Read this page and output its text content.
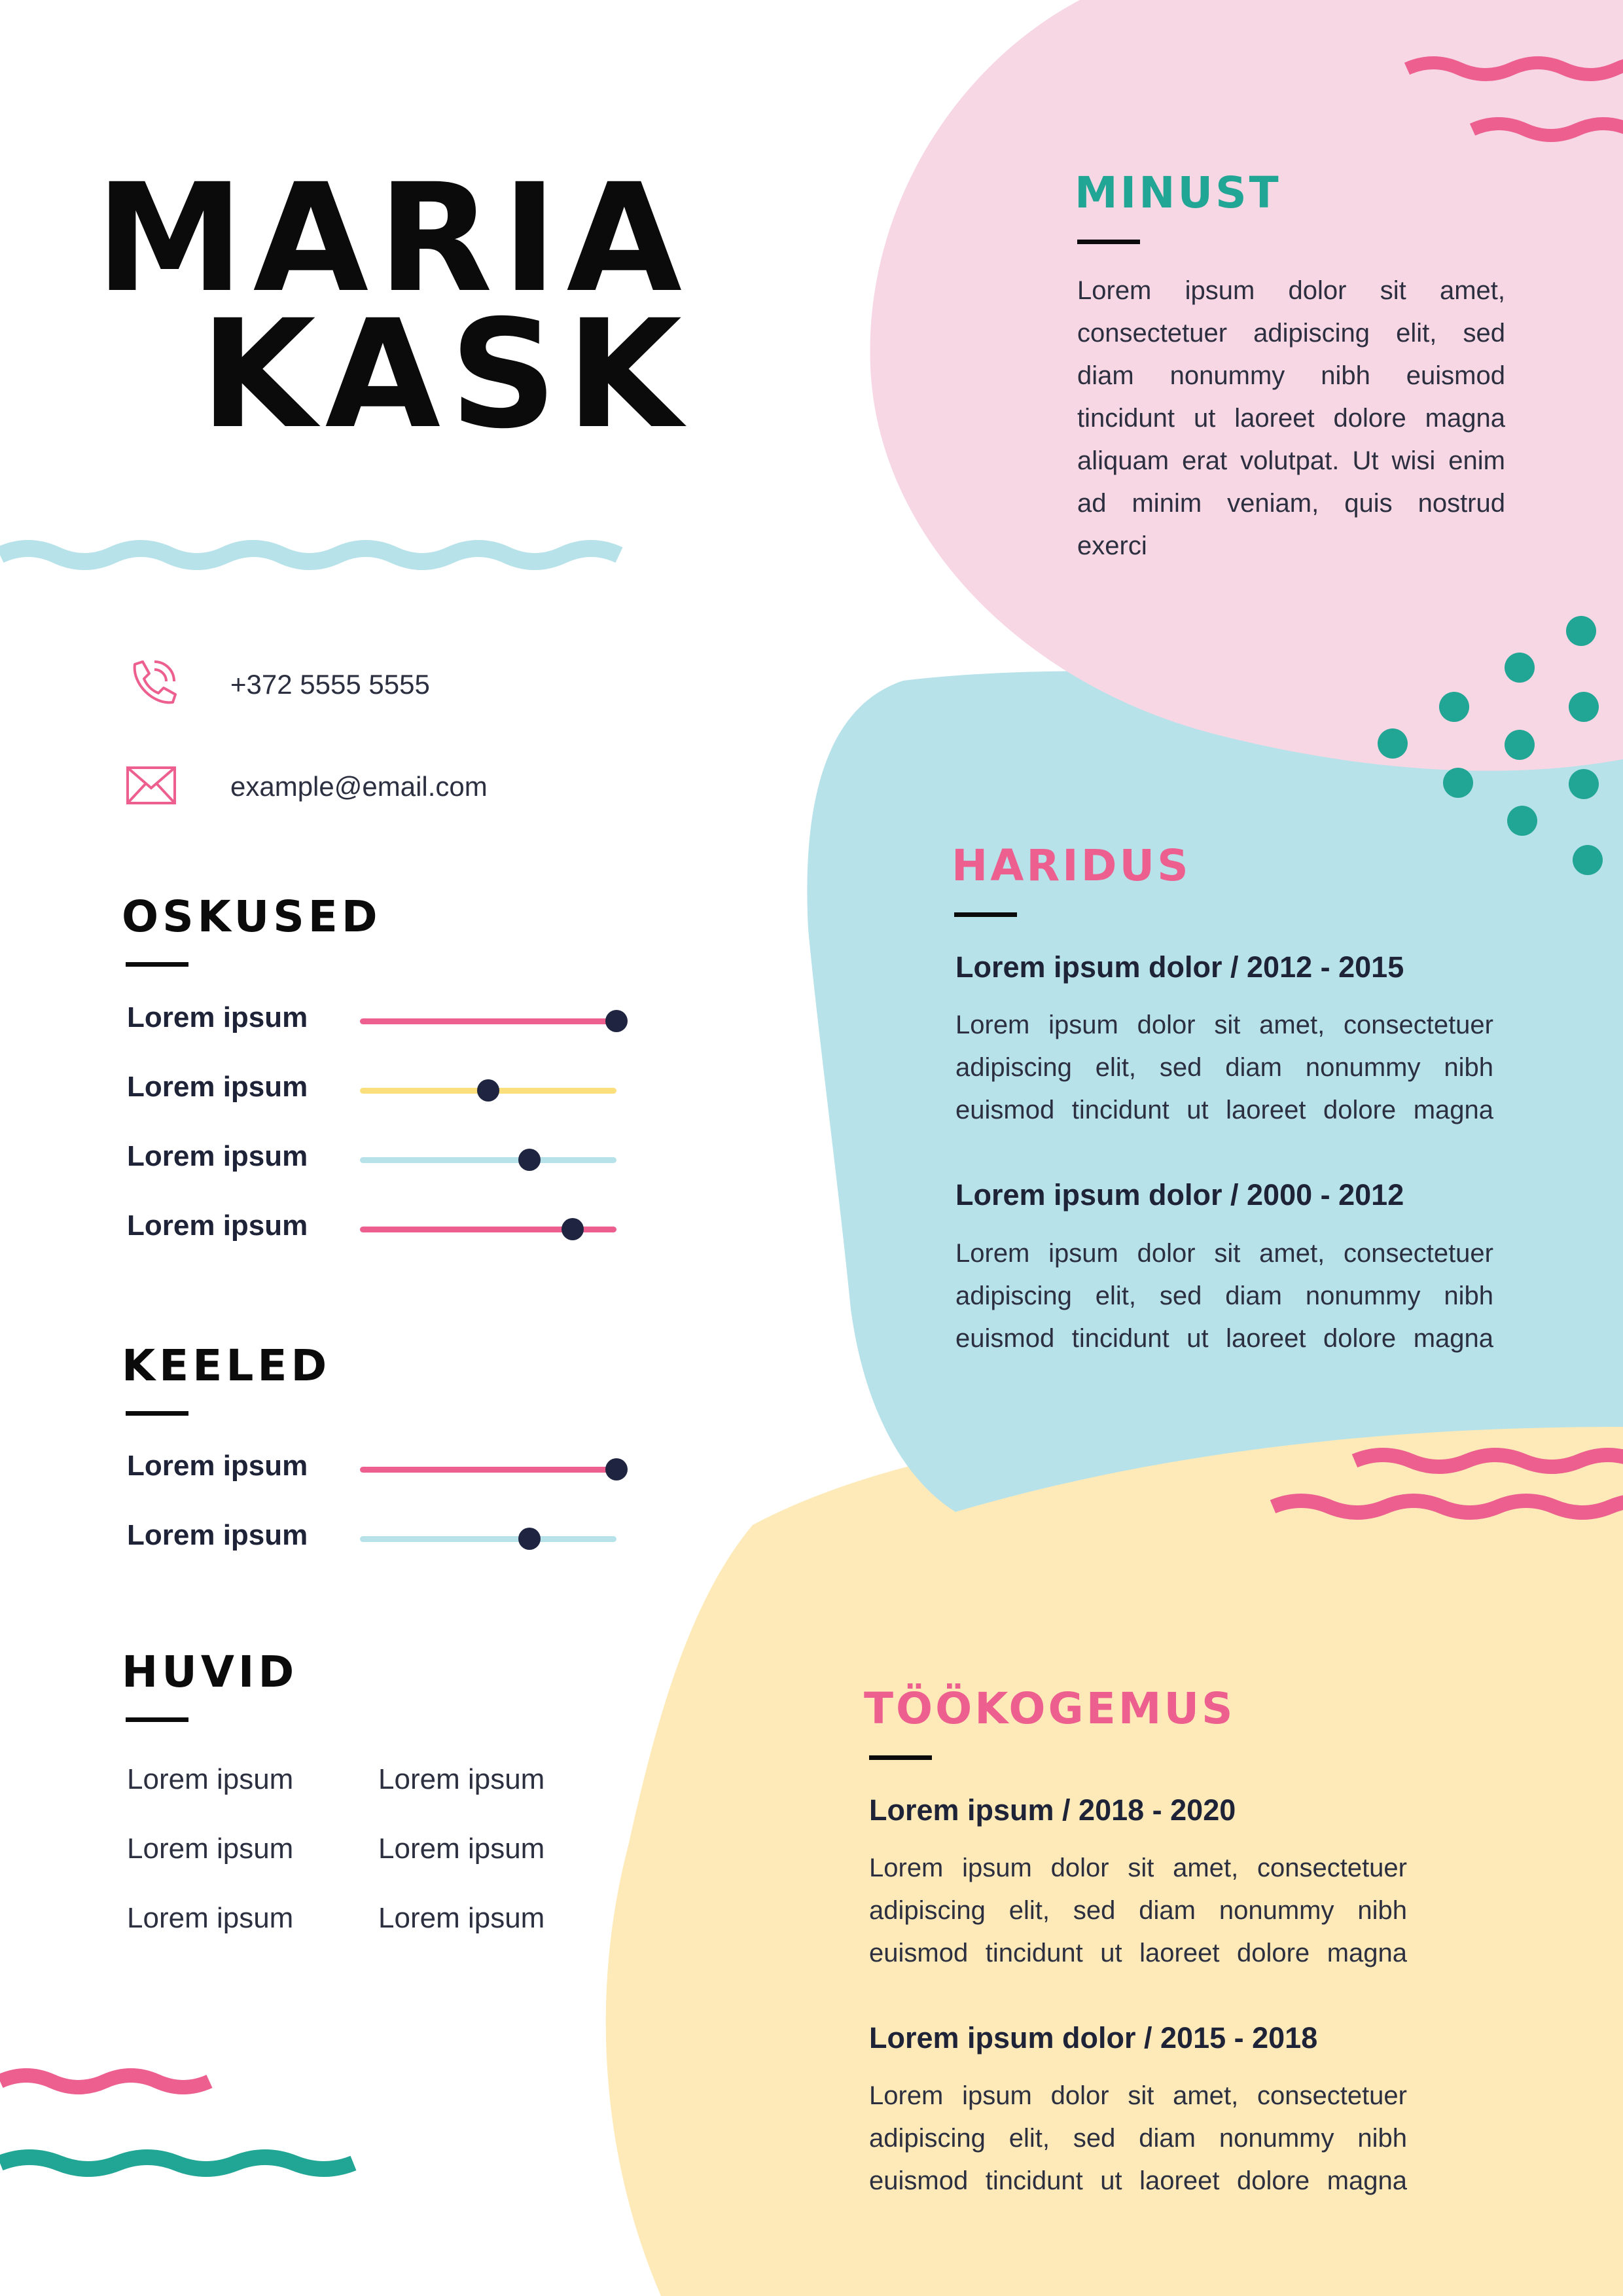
MARIA
KASK
+372 5555 5555
example@email.com
OSKUSED
Lorem ipsum
Lorem ipsum
Lorem ipsum
Lorem ipsum
KEELED
Lorem ipsum
Lorem ipsum
HUVID
Lorem ipsum	Lorem ipsum
Lorem ipsum	Lorem ipsum
Lorem ipsum	Lorem ipsum
MINUST
Lorem ipsum dolor sit amet,
consectetuer adipiscing elit, sed
diam nonummy nibh euismod
tincidunt ut laoreet dolore magna
aliquam erat volutpat. Ut wisi enim
ad minim veniam, quis nostrud exerci
HARIDUS
Lorem ipsum dolor / 2012 - 2015
Lorem ipsum dolor sit amet, consectetuer
adipiscing elit, sed diam nonummy nibh
euismod tincidunt ut laoreet dolore magna
Lorem ipsum dolor / 2000 - 2012
Lorem ipsum dolor sit amet, consectetuer
adipiscing elit, sed diam nonummy nibh
euismod tincidunt ut laoreet dolore magna
TÖÖKOGEMUS
Lorem ipsum / 2018 - 2020
Lorem ipsum dolor sit amet, consectetuer
adipiscing elit, sed diam nonummy nibh
euismod tincidunt ut laoreet dolore magna
Lorem ipsum dolor / 2015 - 2018
Lorem ipsum dolor sit amet, consectetuer
adipiscing elit, sed diam nonummy nibh
euismod tincidunt ut laoreet dolore magna
